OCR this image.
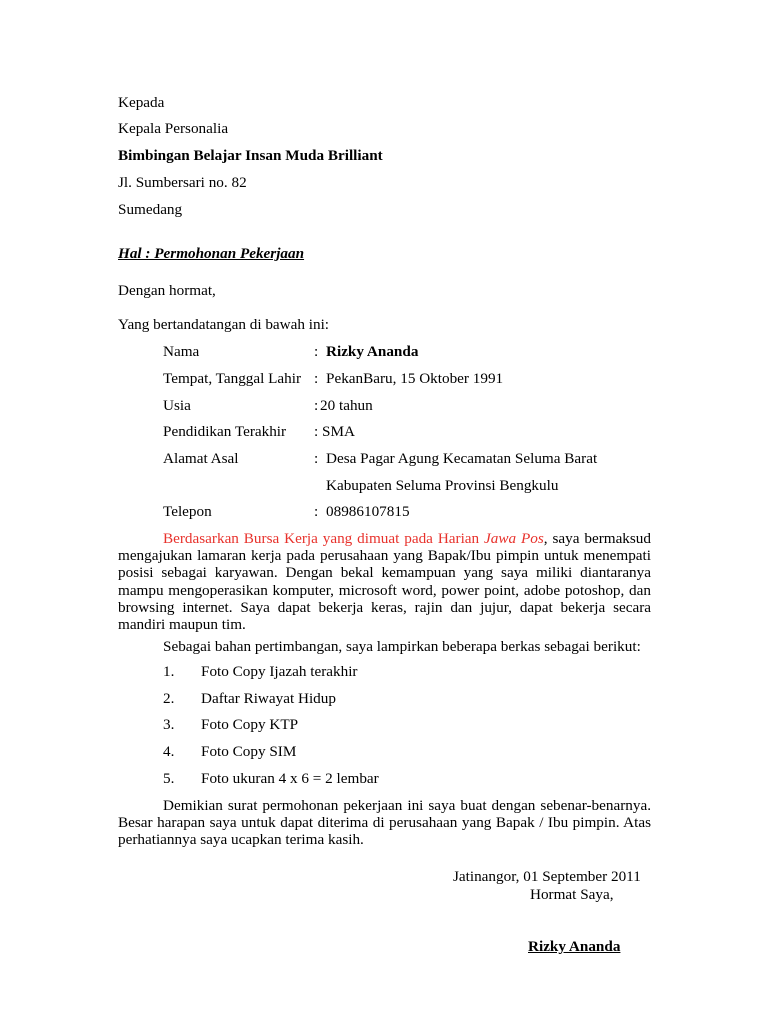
Kepada
Kepala Personalia
Bimbingan Belajar Insan Muda Brilliant
Jl. Sumbersari no. 82
Sumedang
Hal : Permohonan Pekerjaan
Dengan hormat,
Yang bertandatangan di bawah ini:
Nama	: Rizky Ananda
Tempat, Tanggal Lahir : PekanBaru, 15 Oktober 1991
Usia	: 20 tahun
Pendidikan Terakhir : SMA
Alamat Asal	: Desa Pagar Agung Kecamatan Seluma Barat
Kabupaten Seluma Provinsi Bengkulu
Telepon	: 08986107815
Berdasarkan Bursa Kerja yang dimuat pada Harian Jawa Pos, saya bermaksud mengajukan lamaran kerja pada perusahaan yang Bapak/Ibu pimpin untuk menempati posisi sebagai karyawan. Dengan bekal kemampuan yang saya miliki diantaranya mampu mengoperasikan komputer, microsoft word, power point, adobe potoshop, dan browsing internet. Saya dapat bekerja keras, rajin dan jujur, dapat bekerja secara mandiri maupun tim.
Sebagai bahan pertimbangan, saya lampirkan beberapa berkas sebagai berikut:
1. Foto Copy Ijazah terakhir
2. Daftar Riwayat Hidup
3. Foto Copy KTP
4. Foto Copy SIM
5. Foto ukuran 4 x 6 = 2 lembar
Demikian surat permohonan pekerjaan ini saya buat dengan sebenar-benarnya. Besar harapan saya untuk dapat diterima di perusahaan yang Bapak / Ibu pimpin. Atas perhatiannya saya ucapkan terima kasih.
Jatinangor, 01 September 2011
Hormat Saya,
Rizky Ananda
